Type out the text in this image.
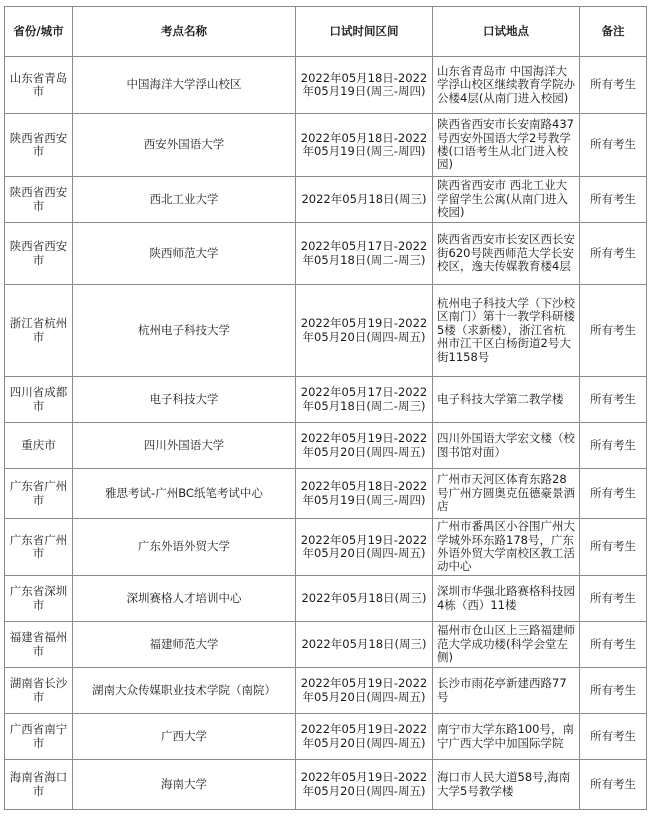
省份/城市	考点名称	口试时间区间	口试地点	备注
山东省青岛市	中国海洋大学浮山校区	2022年05月18日-2022年05月19日(周三-周四)	山东省青岛市 中国海洋大学浮山校区继续教育学院办公楼4层(从南门进入校园)	所有考生
陕西省西安市	西安外国语大学	2022年05月18日-2022年05月19日(周三-周四)	陕西省西安市长安南路437号西安外国语大学2号教学楼(口语考生从北门进入校园)	所有考生
陕西省西安市	西北工业大学	2022年05月18日(周三)	陕西省西安市 西北工业大学留学生公寓(从南门进入校园)	所有考生
陕西省西安市	陕西师范大学	2022年05月17日-2022年05月18日(周二-周三)	陕西省西安市长安区西长安街620号陕西师范大学长安校区，逸夫传媒教育楼4层	所有考生
浙江省杭州市	杭州电子科技大学	2022年05月19日-2022年05月20日(周四-周五)	杭州电子科技大学（下沙校区南门）第十一教学科研楼5楼（求新楼），浙江省杭州市江干区白杨街道2号大街1158号	所有考生
四川省成都市	电子科技大学	2022年05月17日-2022年05月18日(周二-周三)	电子科技大学第二教学楼	所有考生
重庆市	四川外国语大学	2022年05月19日-2022年05月20日(周四-周五)	四川外国语大学宏文楼（校图书馆对面）	所有考生
广东省广州市	雅思考试-广州BC纸笔考试中心	2022年05月18日-2022年05月19日(周三-周四)	广州市天河区体育东路28号广州方圆奥克伍德豪景酒店	所有考生
广东省广州市	广东外语外贸大学	2022年05月19日-2022年05月20日(周四-周五)	广州市番禺区小谷围广州大学城外环东路178号，广东外语外贸大学南校区教工活动中心	所有考生
广东省深圳市	深圳赛格人才培训中心	2022年05月18日(周三)	深圳市华强北路赛格科技园4栋（西）11楼	所有考生
福建省福州市	福建师范大学	2022年05月18日(周三)	福州市仓山区上三路福建师范大学成功楼(科学会堂左侧)	所有考生
湖南省长沙市	湖南大众传媒职业技术学院（南院）	2022年05月19日-2022年05月20日(周四-周五)	长沙市雨花亭新建西路77号	所有考生
广西省南宁市	广西大学	2022年05月19日-2022年05月20日(周四-周五)	南宁市大学东路100号，南宁广西大学中加国际学院	所有考生
海南省海口市	海南大学	2022年05月19日-2022年05月20日(周四-周五)	海口市人民大道58号,海南大学5号教学楼	所有考生
